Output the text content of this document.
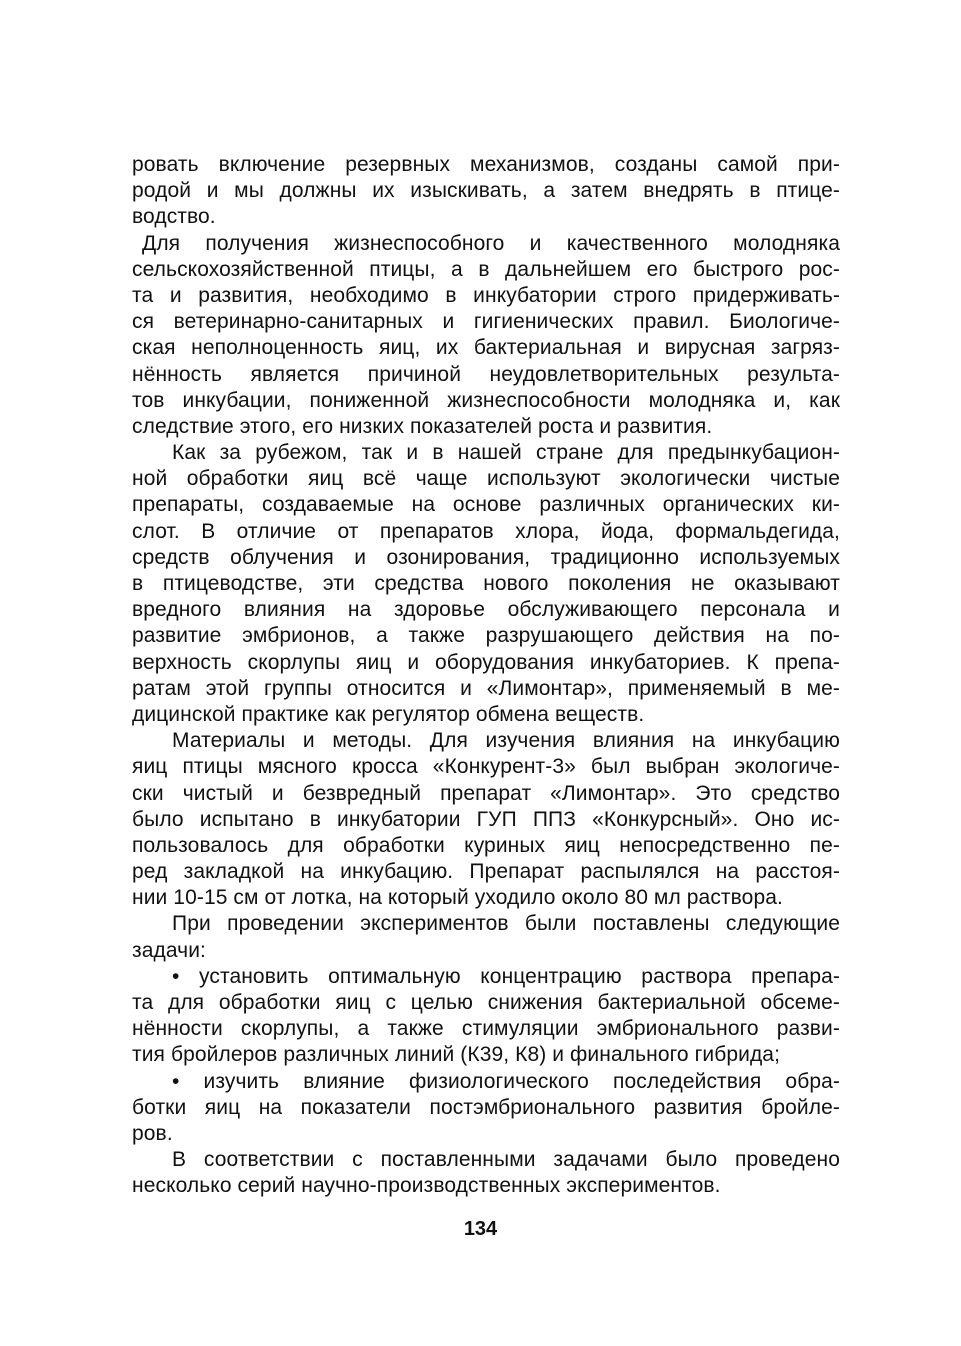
ровать включение резервных механизмов, созданы самой при-
родой и мы должны их изыскивать, а затем внедрять в птице-
водство.
Для получения жизнеспособного и качественного молодняка
сельскохозяйственной птицы, а в дальнейшем его быстрого рос-
та и развития, необходимо в инкубатории строго придерживать-
ся ветеринарно-санитарных и гигиенических правил. Биологиче-
ская неполноценность яиц, их бактериальная и вирусная загряз-
нённость является причиной неудовлетворительных результа-
тов инкубации, пониженной жизнеспособности молодняка и, как
следствие этого, его низких показателей роста и развития.
Как за рубежом, так и в нашей стране для предынкубацион-
ной обработки яиц всё чаще используют экологически чистые
препараты, создаваемые на основе различных органических ки-
слот. В отличие от препаратов хлора, йода, формальдегида,
средств облучения и озонирования, традиционно используемых
в птицеводстве, эти средства нового поколения не оказывают
вредного влияния на здоровье обслуживающего персонала и
развитие эмбрионов, а также разрушающего действия на по-
верхность скорлупы яиц и оборудования инкубаториев. К препа-
ратам этой группы относится и «Лимонтар», применяемый в ме-
дицинской практике как регулятор обмена веществ.
Материалы и методы. Для изучения влияния на инкубацию
яиц птицы мясного кросса «Конкурент-3» был выбран экологиче-
ски чистый и безвредный препарат «Лимонтар». Это средство
было испытано в инкубатории ГУП ППЗ «Конкурсный». Оно ис-
пользовалось для обработки куриных яиц непосредственно пе-
ред закладкой на инкубацию. Препарат распылялся на расстоя-
нии 10-15 см от лотка, на который уходило около 80 мл раствора.
При проведении экспериментов были поставлены следующие
задачи:
• установить оптимальную концентрацию раствора препара-
та для обработки яиц с целью снижения бактериальной обсеме-
нённости скорлупы, а также стимуляции эмбрионального разви-
тия бройлеров различных линий (К39, К8) и финального гибрида;
• изучить влияние физиологического последействия обра-
ботки яиц на показатели постэмбрионального развития бройле-
ров.
В соответствии с поставленными задачами было проведено
несколько серий научно-производственных экспериментов.
134
